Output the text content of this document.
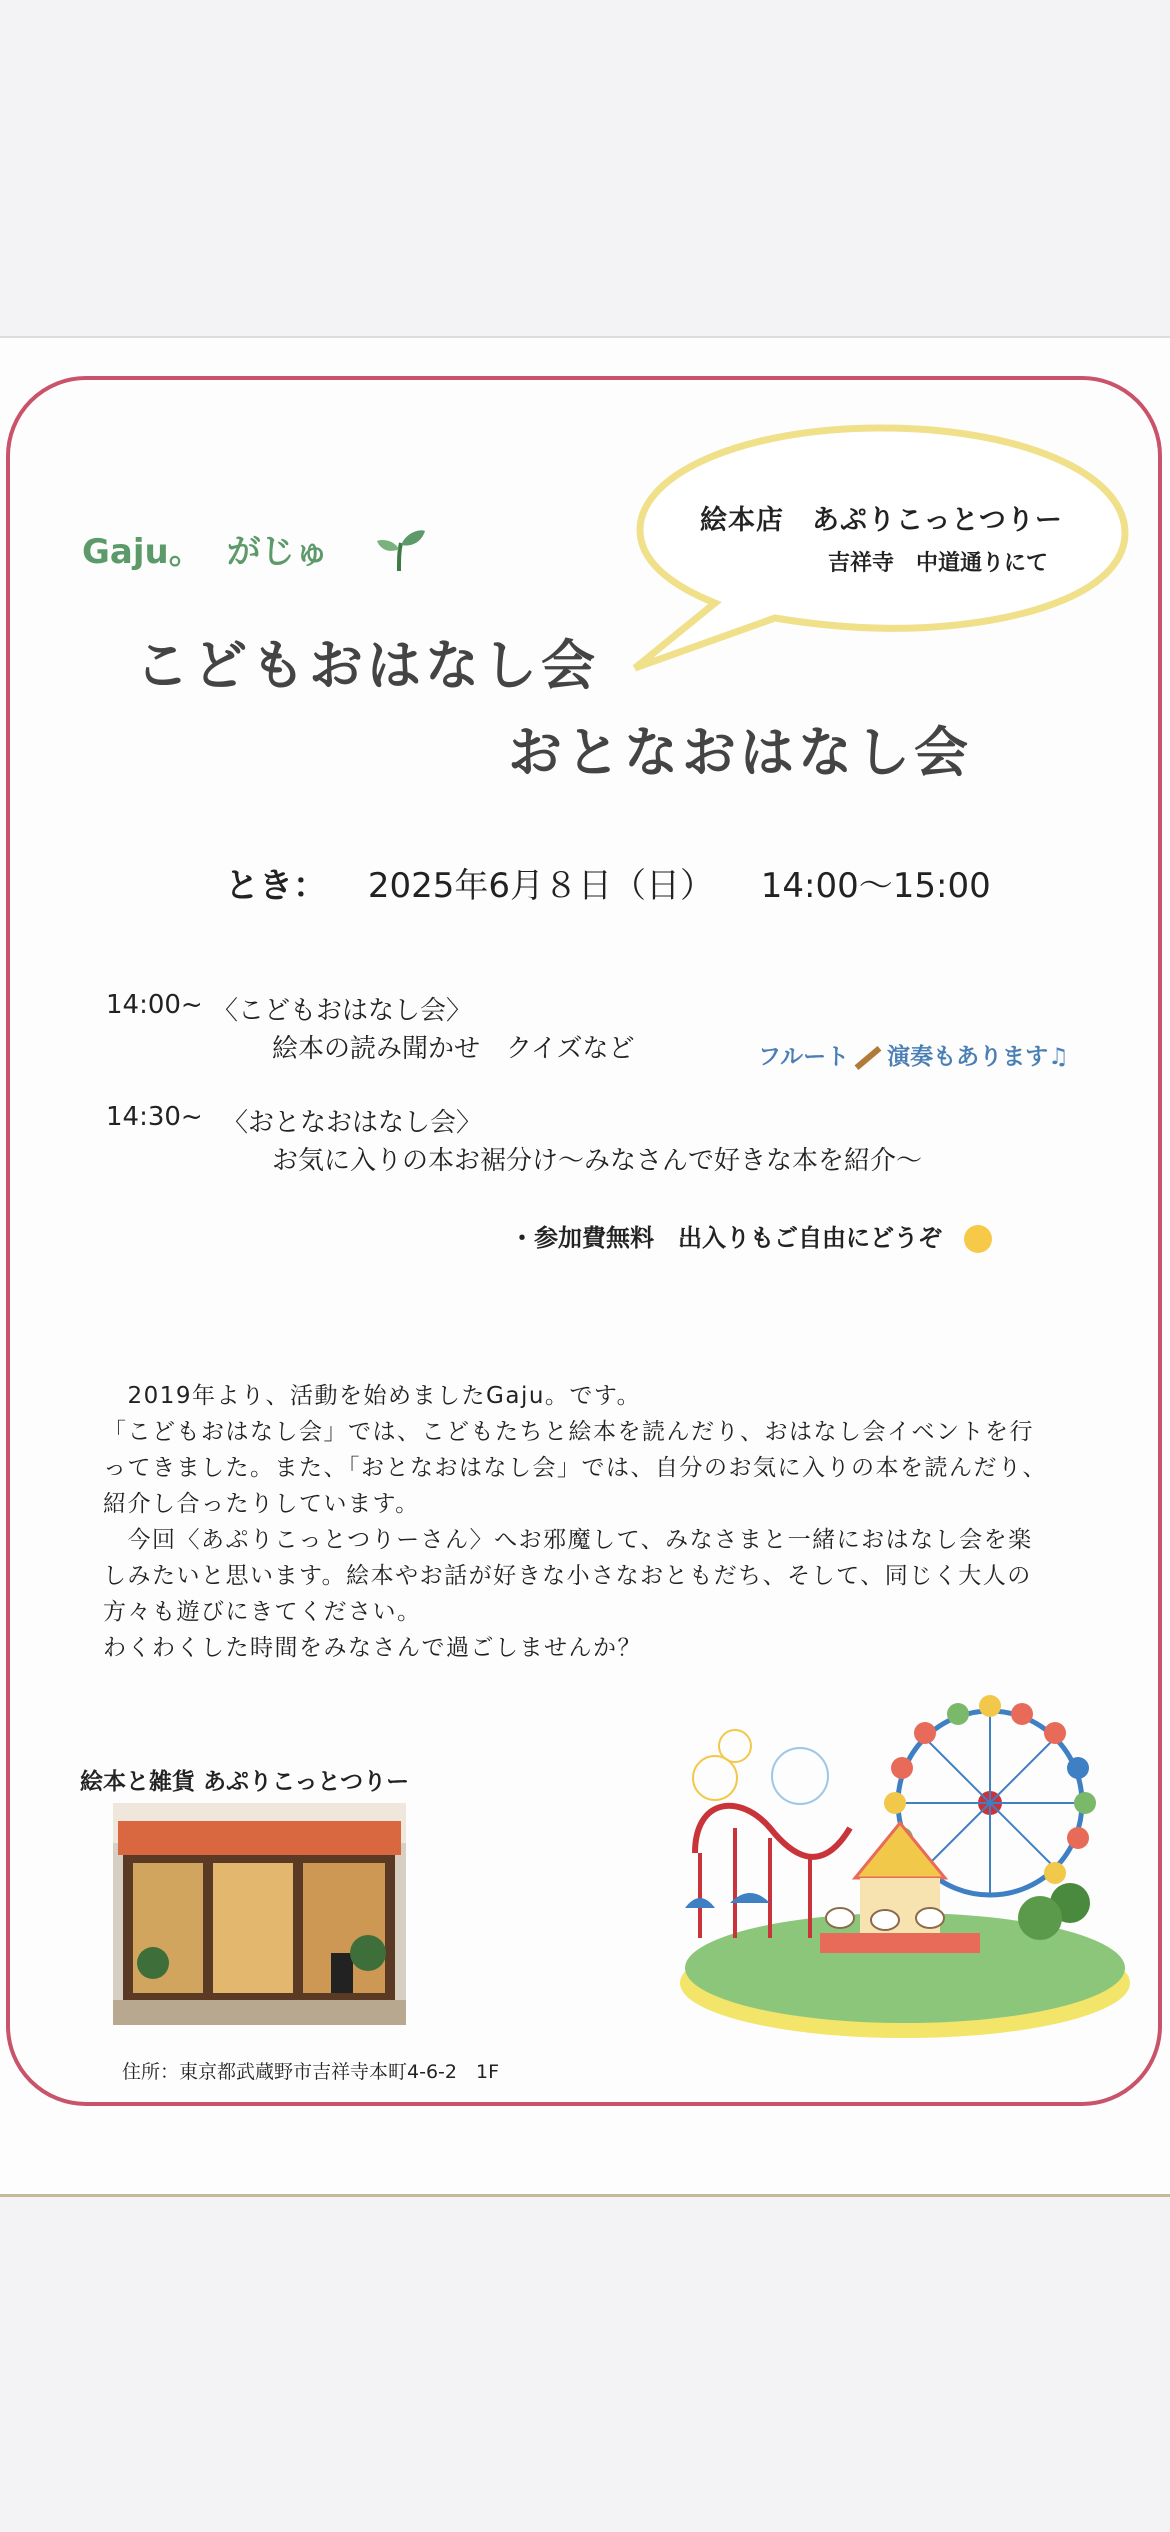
Gaju。 がじゅ
絵本店　あぷりこっとつりー
吉祥寺　中道通りにて
こどもおはなし会
おとなおはなし会
とき： 2025年6月８日（日） 14:00〜15:00
14:00~ 〈こどもおはなし会〉
絵本の読み聞かせ　クイズなど	フルート 演奏もあります♫
14:30~ 〈おとなおはなし会〉
お気に入りの本お裾分け〜みなさんで好きな本を紹介〜
・参加費無料　出入りもご自由にどうぞ

　2019年より、活動を始めましたGaju。です。

「こどもおはなし会」では、こどもたちと絵本を読んだり、おはなし会イベントを行ってきました。また、「おとなおはなし会」では、自分のお気に入りの本を読んだり、紹介し合ったりしています。

　今回〈あぷりこっとつりーさん〉へお邪魔して、みなさまと一緒におはなし会を楽しみたいと思います。絵本やお話が好きな小さなおともだち、そして、同じく大人の方々も遊びにきてください。

わくわくした時間をみなさんで過ごしませんか？

絵本と雑貨 あぷりこっとつりー
住所：東京都武蔵野市吉祥寺本町4-6-2　1F
